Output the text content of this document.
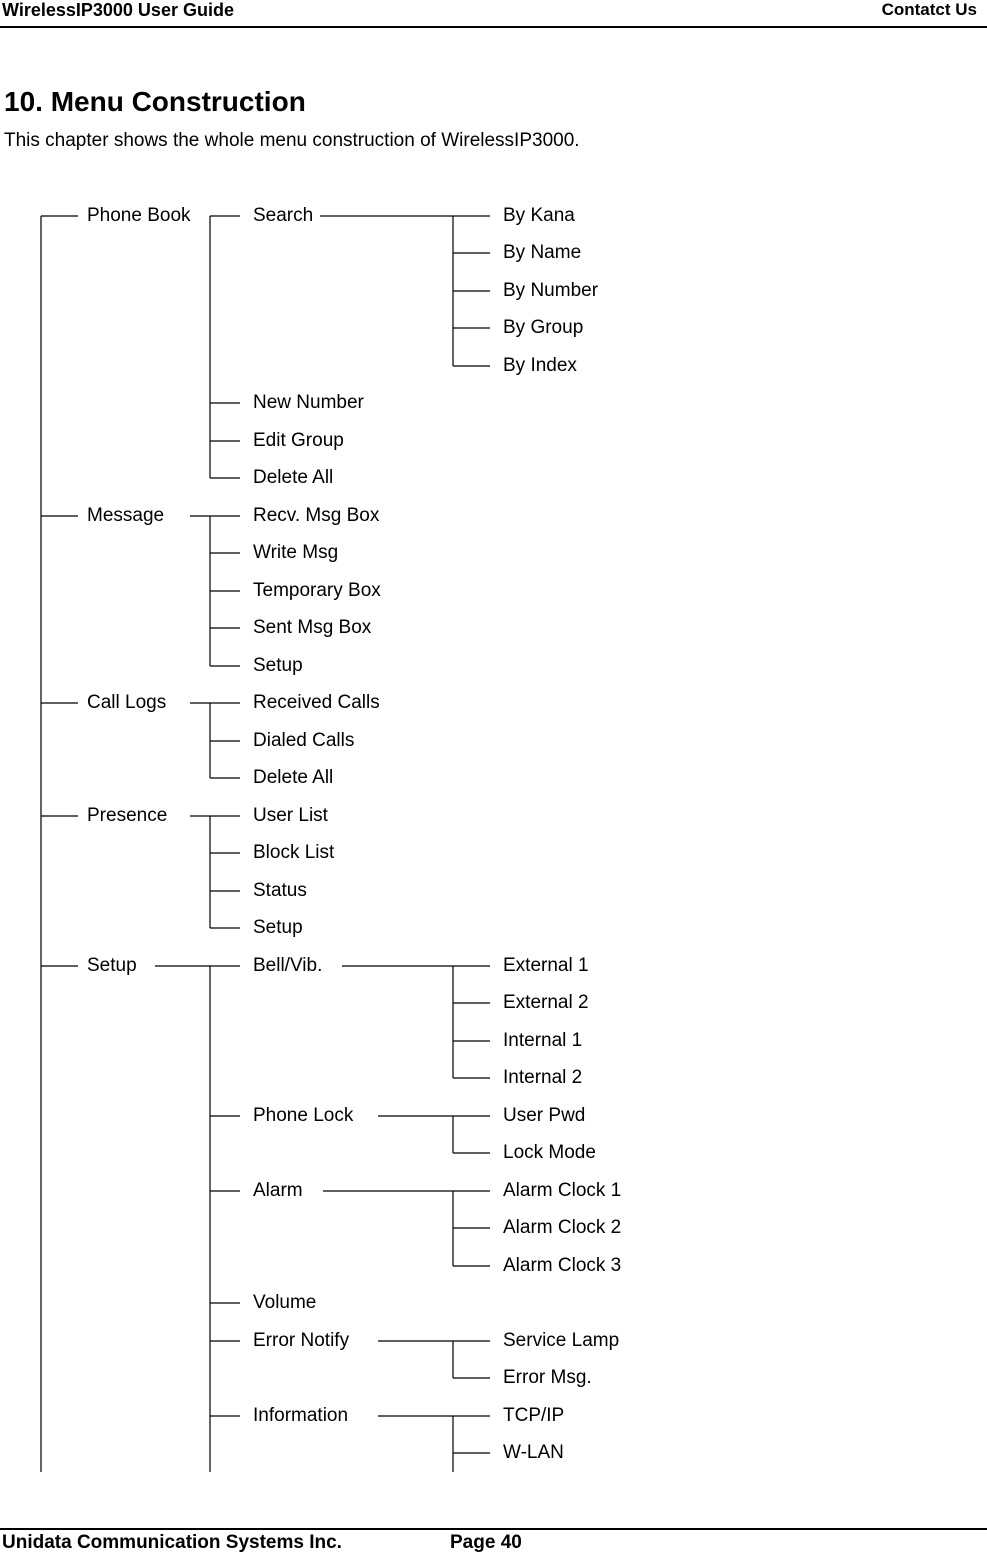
WirelessIP3000 User Guide	Contatct Us
10. Menu Construction
This chapter shows the whole menu construction of WirelessIP3000.
Phone Book
Message
Call Logs
Presence
Setup
Search	By Kana
By Name
By Number
By Group
By Index
New Number
Edit Group
Delete All
Recv. Msg Box
Write Msg
Temporary Box
Sent Msg Box
Setup
Received Calls
Dialed Calls
Delete All
User List
Block List
Status
Setup
Bell/Vib.	External 1
External 2
Internal 1
Internal 2
Phone Lock	User Pwd
Lock Mode
Alarm	Alarm Clock 1
Alarm Clock 2
Alarm Clock 3
Volume
Error Notify	Service Lamp
Error Msg.
Information	TCP/IP
W-LAN
Unidata Communication Systems Inc.	Page 40
